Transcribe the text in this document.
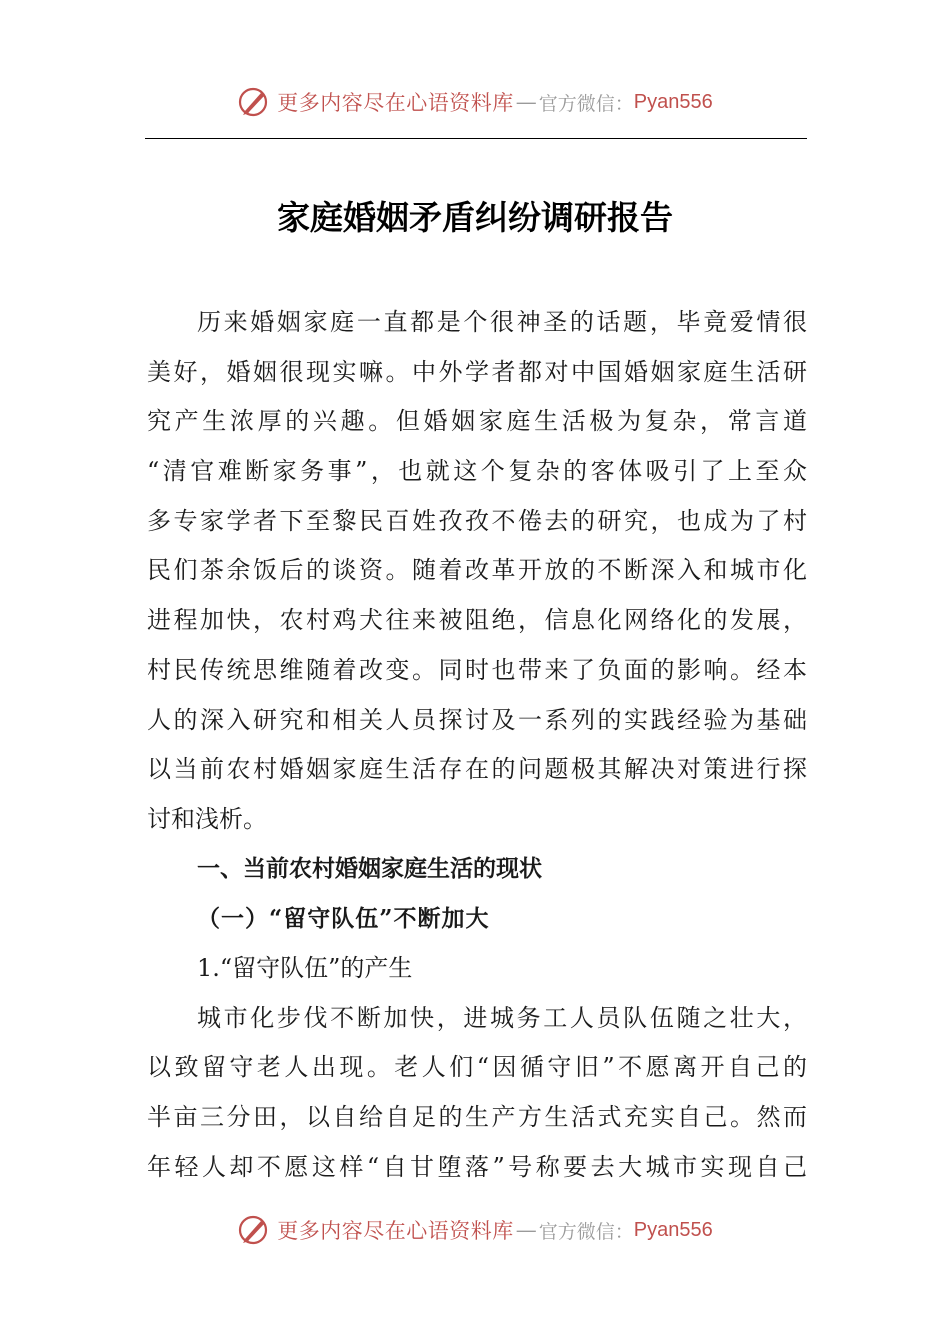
更多内容尽在心语资料库 — 官方微信： Pyan556
家庭婚姻矛盾纠纷调研报告
历来婚姻家庭一直都是个很神圣的话题，毕竟爱情很
美好，婚姻很现实嘛。中外学者都对中国婚姻家庭生活研
究产生浓厚的兴趣。但婚姻家庭生活极为复杂，常言道
“清官难断家务事”，也就这个复杂的客体吸引了上至众
多专家学者下至黎民百姓孜孜不倦去的研究，也成为了村
民们茶余饭后的谈资。随着改革开放的不断深入和城市化
进程加快，农村鸡犬往来被阻绝，信息化网络化的发展，
村民传统思维随着改变。同时也带来了负面的影响。经本
人的深入研究和相关人员探讨及一系列的实践经验为基础
以当前农村婚姻家庭生活存在的问题极其解决对策进行探
讨和浅析。
一、当前农村婚姻家庭生活的现状
（一）“留守队伍”不断加大
1.“留守队伍”的产生
城市化步伐不断加快，进城务工人员队伍随之壮大，
以致留守老人出现。老人们“因循守旧”不愿离开自己的
半亩三分田，以自给自足的生产方生活式充实自己。然而
年轻人却不愿这样“自甘堕落”号称要去大城市实现自己
更多内容尽在心语资料库 — 官方微信： Pyan556
